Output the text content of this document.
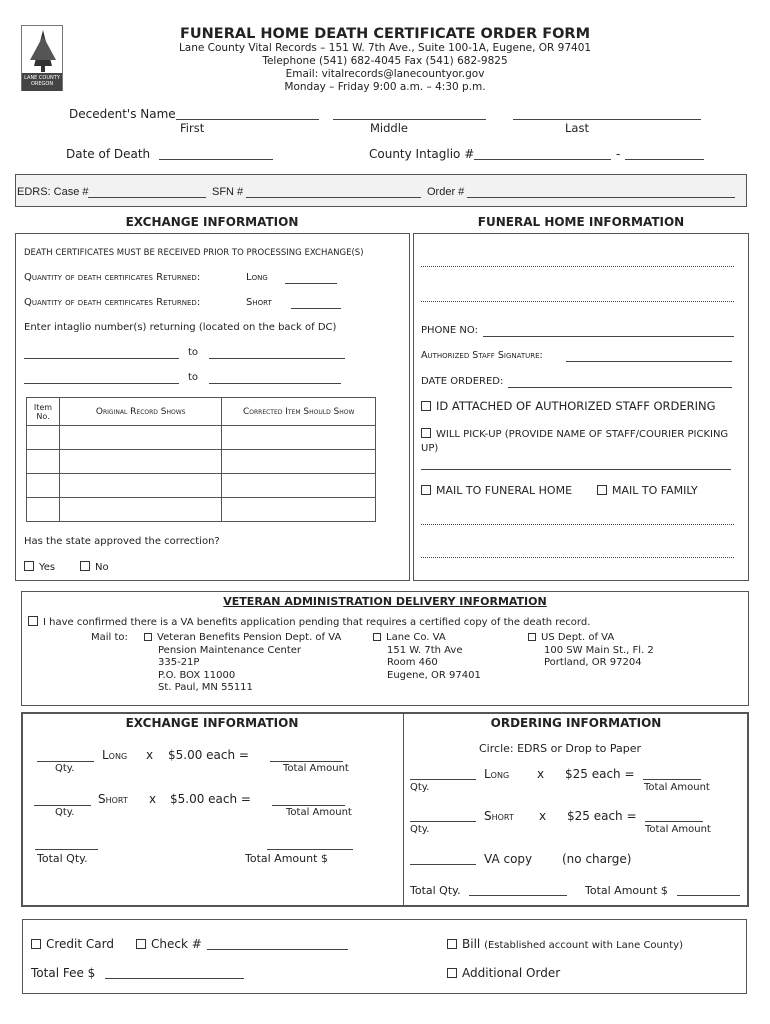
LANE COUNTY OREGON
FUNERAL HOME DEATH CERTIFICATE ORDER FORM
Lane County Vital Records – 151 W. 7th Ave., Suite 100-1A, Eugene, OR 97401
Telephone (541) 682-4045 Fax (541) 682-9825
Email: vitalrecords@lanecountyor.gov
Monday – Friday 9:00 a.m. – 4:30 p.m.
Decedent's Name
First	Middle	Last
Date of Death	County Intaglio #	-
EDRS: Case #	SFN #	Order #
EXCHANGE INFORMATION
DEATH CERTIFICATES MUST BE RECEIVED PRIOR TO PROCESSING EXCHANGE(S)
Quantity of death certificates Returned:	Long
Quantity of death certificates Returned:	Short
Enter intaglio number(s) returning (located on the back of DC)
to
to
Item No.	Original Record Shows	Corrected Item Should Show

Has the state approved the correction?
Yes	No
FUNERAL HOME INFORMATION
PHONE NO:
Authorized Staff Signature:
DATE ORDERED:
ID ATTACHED OF AUTHORIZED STAFF ORDERING
WILL PICK-UP (PROVIDE NAME OF STAFF/COURIER PICKING UP)
MAIL TO FUNERAL HOME	MAIL TO FAMILY
VETERAN ADMINISTRATION DELIVERY INFORMATION
I have confirmed there is a VA benefits application pending that requires a certified copy of the death record.
Mail to:	Veteran Benefits Pension Dept. of VA
Pension Maintenance Center
335-21P
P.O. BOX 11000
St. Paul, MN 55111
Lane Co. VA
151 W. 7th Ave
Room 460
Eugene, OR 97401
US Dept. of VA
100 SW Main St., Fl. 2
Portland, OR 97204
EXCHANGE INFORMATION
Long x $5.00 each =
Qty.	Total Amount
Short x $5.00 each =
Qty.	Total Amount
Total Qty.	Total Amount $
ORDERING INFORMATION
Circle: EDRS or Drop to Paper
Long x $25 each =
Qty.	Total Amount
Short x $25 each =
Qty.	Total Amount
VA copy (no charge)
Total Qty.	Total Amount $
Credit Card	Check #	Bill (Established account with Lane County)
Total Fee $	Additional Order
